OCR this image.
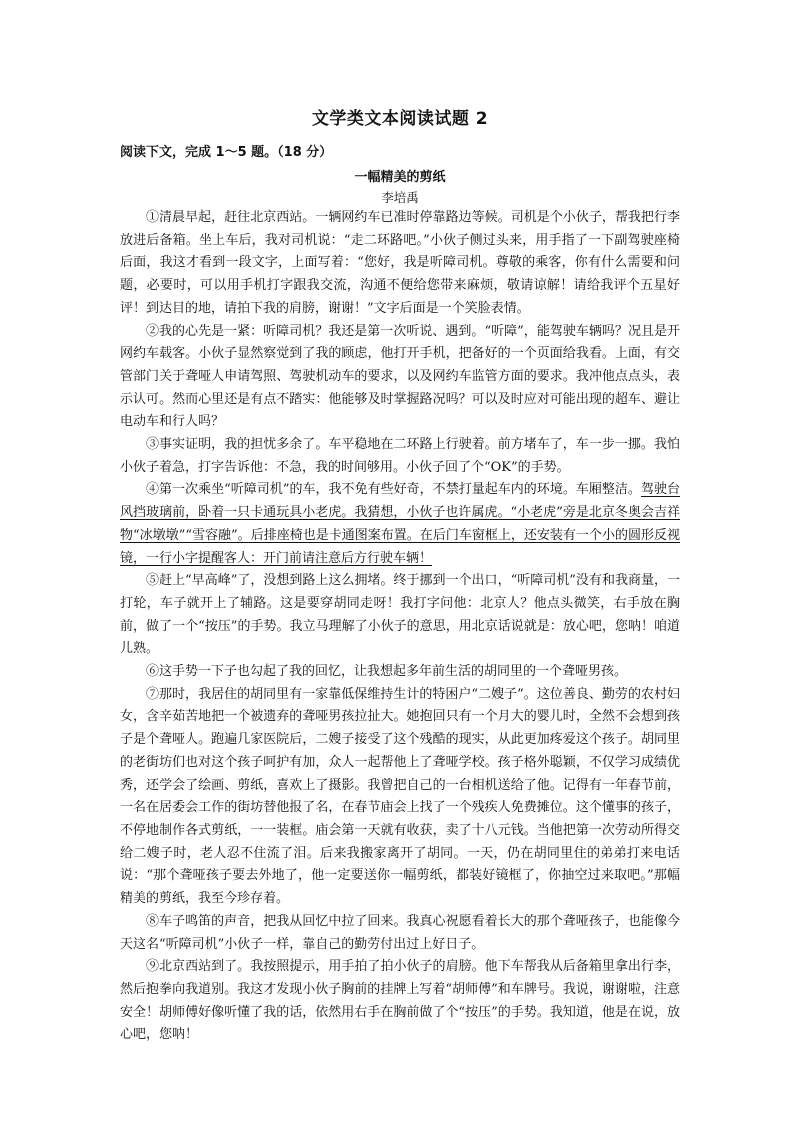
文学类文本阅读试题 2
阅读下文，完成 1～5 题。（18 分）
一幅精美的剪纸
李培禹

①清晨早起，赶往北京西站。一辆网约车已准时停靠路边等候。司机是个小伙子，帮我把行李放进后备箱。坐上车后，我对司机说：“走二环路吧。”小伙子侧过头来，用手指了一下副驾驶座椅后面，我这才看到一段文字，上面写着：“您好，我是听障司机。尊敬的乘客，你有什么需要和问题，必要时，可以用手机打字跟我交流，沟通不便给您带来麻烦，敬请谅解！请给我评个五星好评！到达目的地，请拍下我的肩膀，谢谢！”文字后面是一个笑脸表情。

②我的心先是一紧：听障司机？我还是第一次听说、遇到。“听障”，能驾驶车辆吗？况且是开网约车载客。小伙子显然察觉到了我的顾虑，他打开手机，把备好的一个页面给我看。上面，有交管部门关于聋哑人申请驾照、驾驶机动车的要求，以及网约车监管方面的要求。我冲他点点头，表示认可。然而心里还是有点不踏实：他能够及时掌握路况吗？可以及时应对可能出现的超车、避让电动车和行人吗？

③事实证明，我的担忧多余了。车平稳地在二环路上行驶着。前方堵车了，车一步一挪。我怕小伙子着急，打字告诉他：不急，我的时间够用。小伙子回了个“OK”的手势。

④第一次乘坐“听障司机”的车，我不免有些好奇，不禁打量起车内的环境。车厢整洁。驾驶台风挡玻璃前，卧着一只卡通玩具小老虎。我猜想，小伙子也许属虎。“小老虎”旁是北京冬奥会吉祥物“冰墩墩”“雪容融”。后排座椅也是卡通图案布置。在后门车窗框上，还安装有一个小的圆形反视镜，一行小字提醒客人：开门前请注意后方行驶车辆！

⑤赶上“早高峰”了，没想到路上这么拥堵。终于挪到一个出口，“听障司机”没有和我商量，一打轮，车子就开上了辅路。这是要穿胡同走呀！我打字问他：北京人？他点头微笑，右手放在胸前，做了一个“按压”的手势。我立马理解了小伙子的意思，用北京话说就是：放心吧，您呐！咱道儿熟。

⑥这手势一下子也勾起了我的回忆，让我想起多年前生活的胡同里的一个聋哑男孩。

⑦那时，我居住的胡同里有一家靠低保维持生计的特困户“二嫂子”。这位善良、勤劳的农村妇女，含辛茹苦地把一个被遗弃的聋哑男孩拉扯大。她抱回只有一个月大的婴儿时，全然不会想到孩子是个聋哑人。跑遍几家医院后，二嫂子接受了这个残酷的现实，从此更加疼爱这个孩子。胡同里的老街坊们也对这个孩子呵护有加，众人一起帮他上了聋哑学校。孩子格外聪颖，不仅学习成绩优秀，还学会了绘画、剪纸，喜欢上了摄影。我曾把自己的一台相机送给了他。记得有一年春节前，一名在居委会工作的街坊替他报了名，在春节庙会上找了一个残疾人免费摊位。这个懂事的孩子，不停地制作各式剪纸，一一装框。庙会第一天就有收获，卖了十八元钱。当他把第一次劳动所得交给二嫂子时，老人忍不住流了泪。后来我搬家离开了胡同。一天，仍在胡同里住的弟弟打来电话说：“那个聋哑孩子要去外地了，他一定要送你一幅剪纸，都装好镜框了，你抽空过来取吧。”那幅精美的剪纸，我至今珍存着。

⑧车子鸣笛的声音，把我从回忆中拉了回来。我真心祝愿看着长大的那个聋哑孩子，也能像今天这名“听障司机”小伙子一样，靠自己的勤劳付出过上好日子。

⑨北京西站到了。我按照提示，用手拍了拍小伙子的肩膀。他下车帮我从后备箱里拿出行李，然后抱拳向我道别。我这才发现小伙子胸前的挂牌上写着“胡师傅”和车牌号。我说，谢谢啦，注意安全！胡师傅好像听懂了我的话，依然用右手在胸前做了个“按压”的手势。我知道，他是在说，放心吧，您呐！
